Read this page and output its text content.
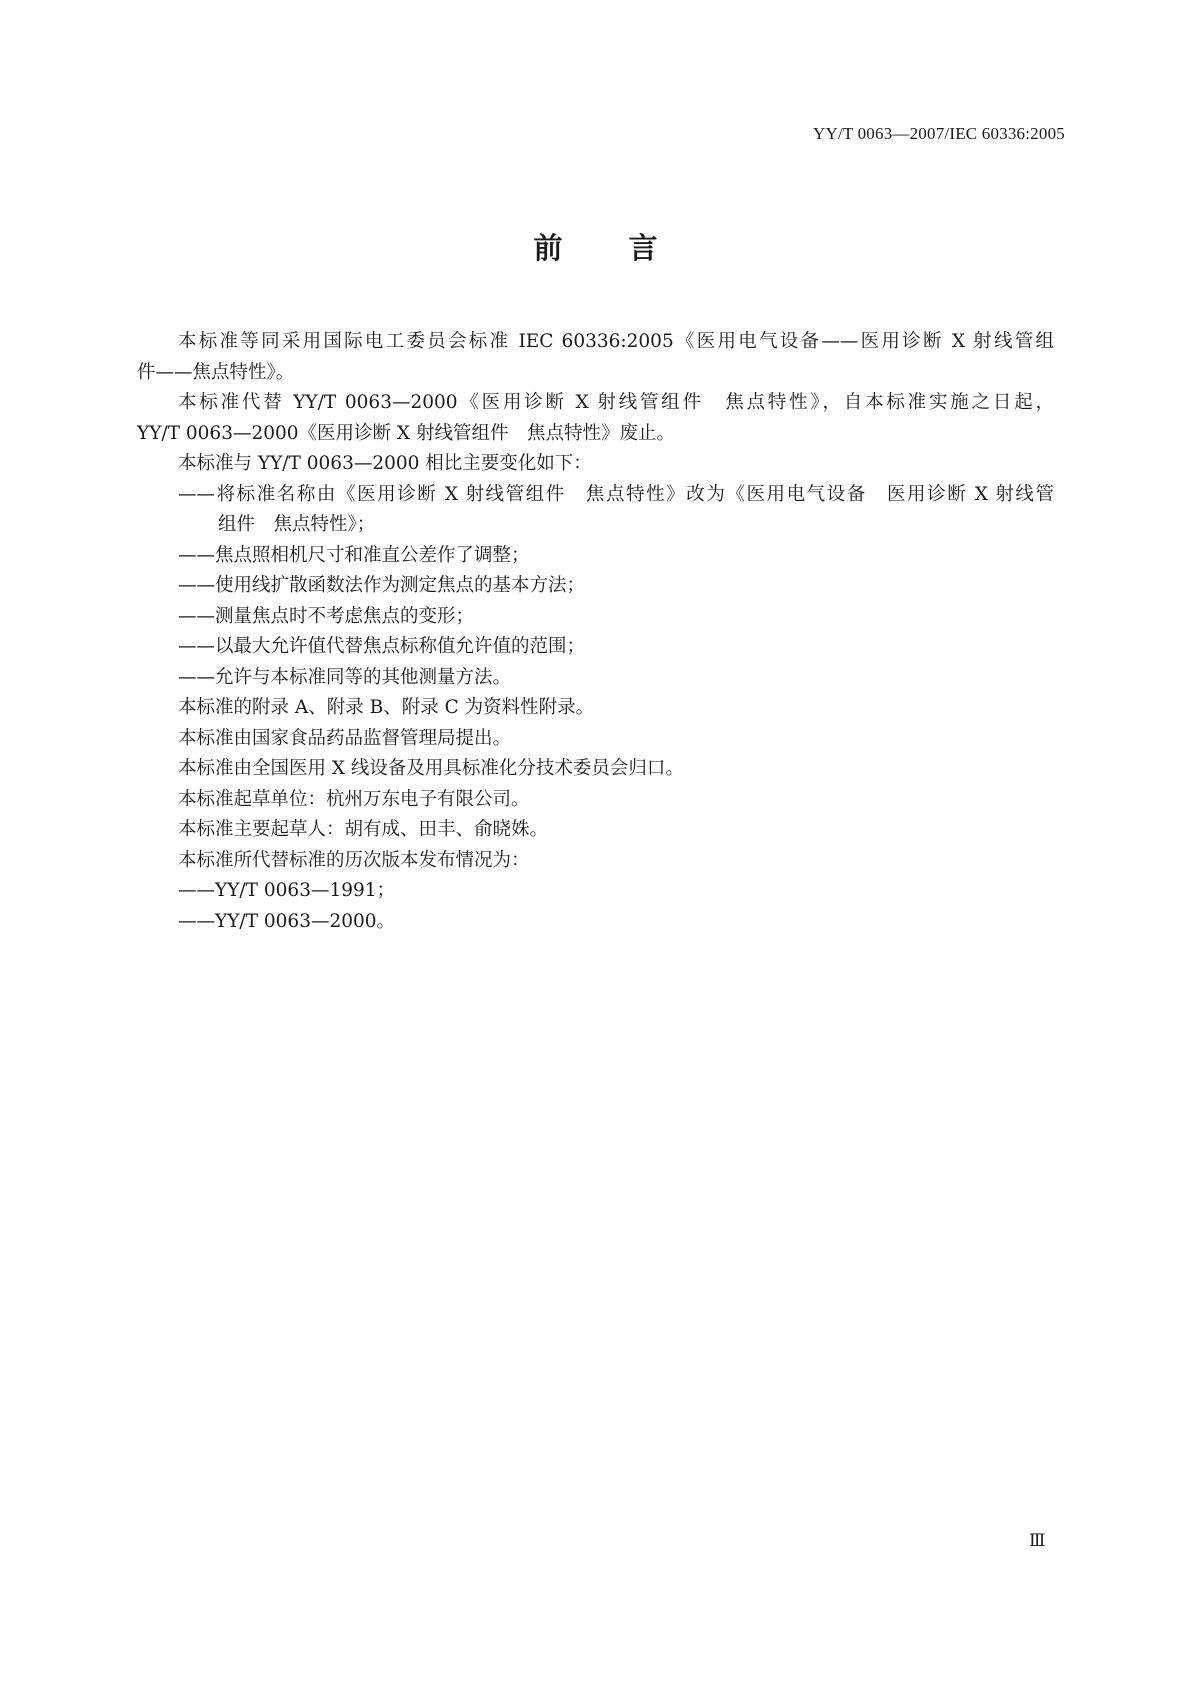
YY/T 0063—2007/IEC 60336:2005
前 言
本标准等同采用国际电工委员会标准 IEC 60336:2005《医用电气设备——医用诊断 X 射线管组
件——焦点特性》。
本标准代替 YY/T 0063—2000《医用诊断 X 射线管组件　焦点特性》，自本标准实施之日起，
YY/T 0063—2000《医用诊断 X 射线管组件　焦点特性》废止。
本标准与 YY/T 0063—2000 相比主要变化如下：
——将标准名称由《医用诊断 X 射线管组件　焦点特性》改为《医用电气设备　医用诊断 X 射线管
组件　焦点特性》；
——焦点照相机尺寸和准直公差作了调整；
——使用线扩散函数法作为测定焦点的基本方法；
——测量焦点时不考虑焦点的变形；
——以最大允许值代替焦点标称值允许值的范围；
——允许与本标准同等的其他测量方法。
本标准的附录 A、附录 B、附录 C 为资料性附录。
本标准由国家食品药品监督管理局提出。
本标准由全国医用 X 线设备及用具标准化分技术委员会归口。
本标准起草单位：杭州万东电子有限公司。
本标准主要起草人：胡有成、田丰、俞晓姝。
本标准所代替标准的历次版本发布情况为：
——YY/T 0063—1991；
——YY/T 0063—2000。
Ⅲ
